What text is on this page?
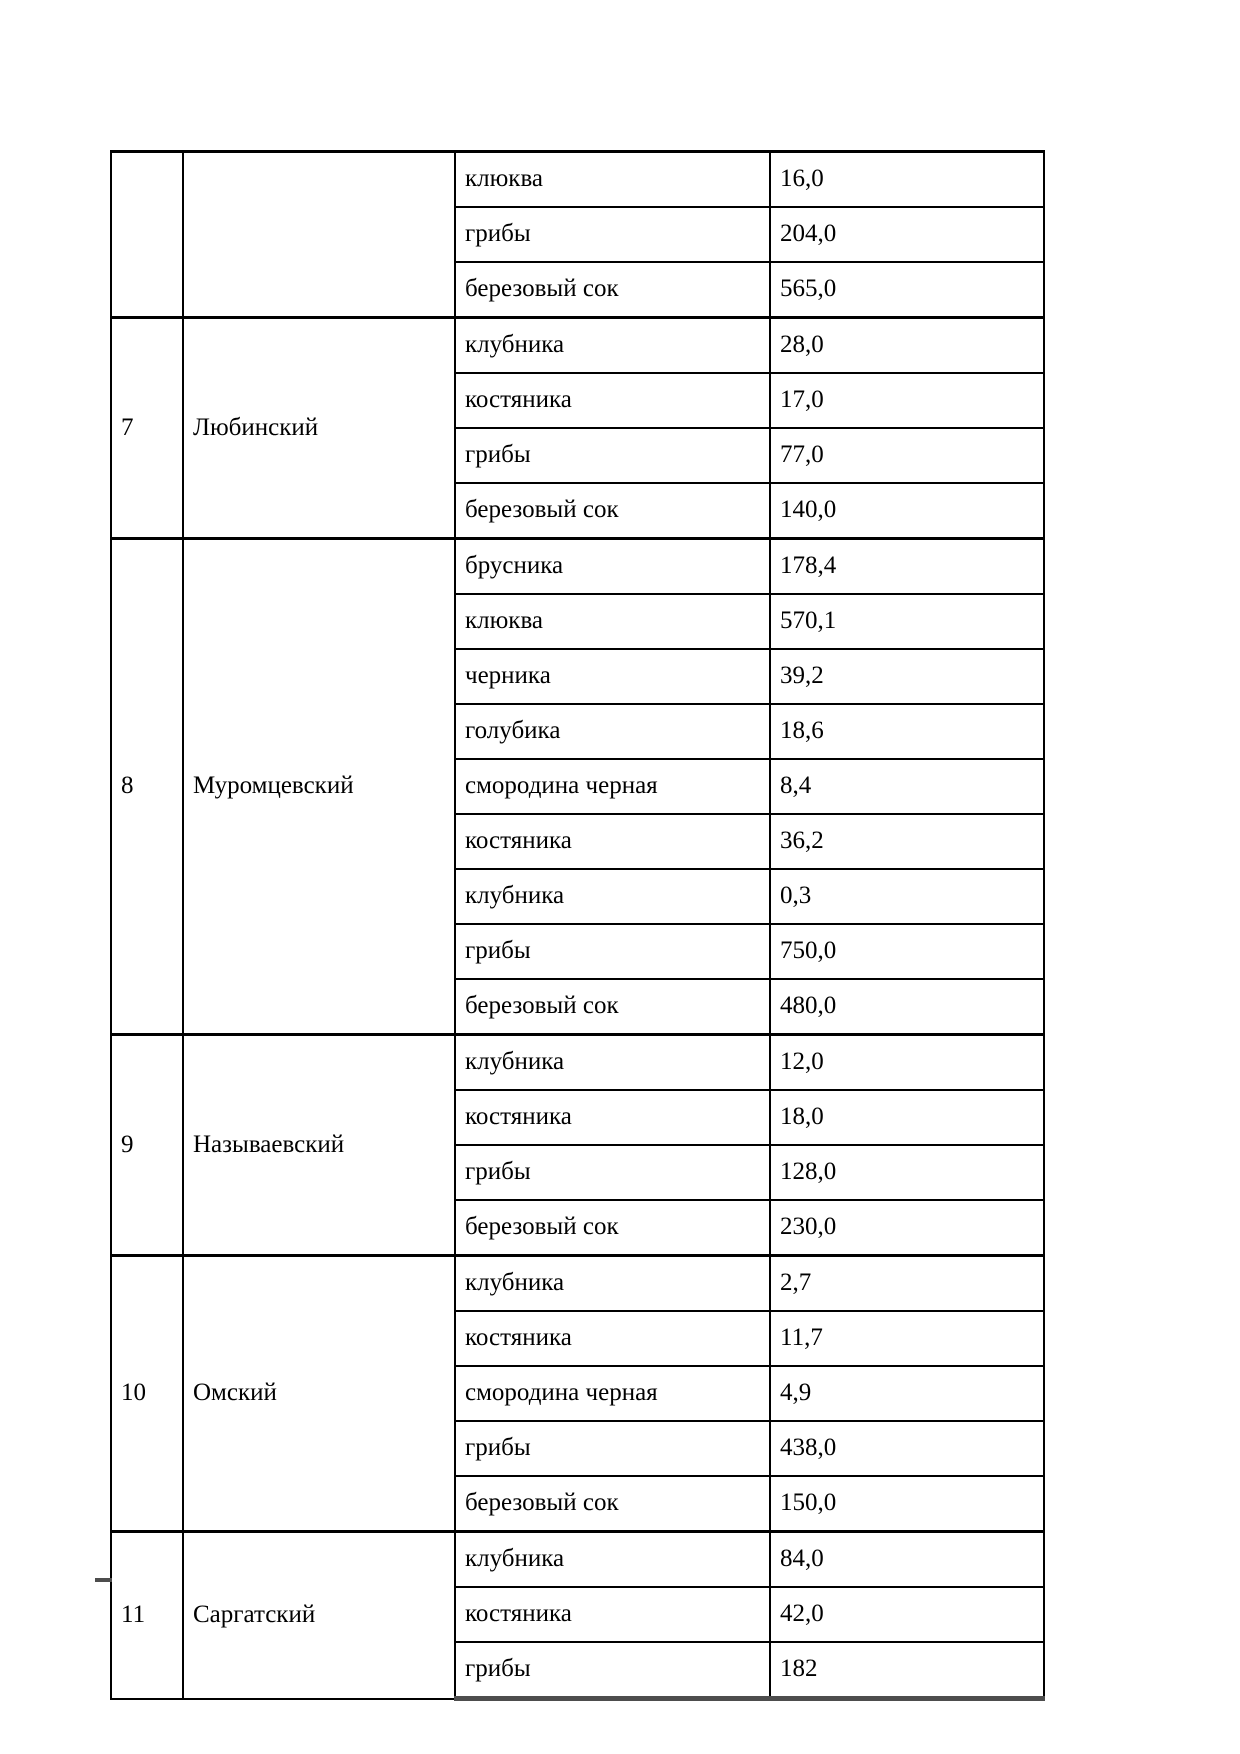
		клюква	16,0
		грибы	204,0
		березовый сок	565,0
7	Любинский	клубника	28,0
		костяника	17,0
		грибы	77,0
		березовый сок	140,0
8	Муромцевский	брусника	178,4
		клюква	570,1
		черника	39,2
		голубика	18,6
		смородина черная	8,4
		костяника	36,2
		клубника	0,3
		грибы	750,0
		березовый сок	480,0
9	Называевский	клубника	12,0
		костяника	18,0
		грибы	128,0
		березовый сок	230,0
10	Омский	клубника	2,7
		костяника	11,7
		смородина черная	4,9
		грибы	438,0
		березовый сок	150,0
11	Саргатский	клубника	84,0
		костяника	42,0
		грибы	182
